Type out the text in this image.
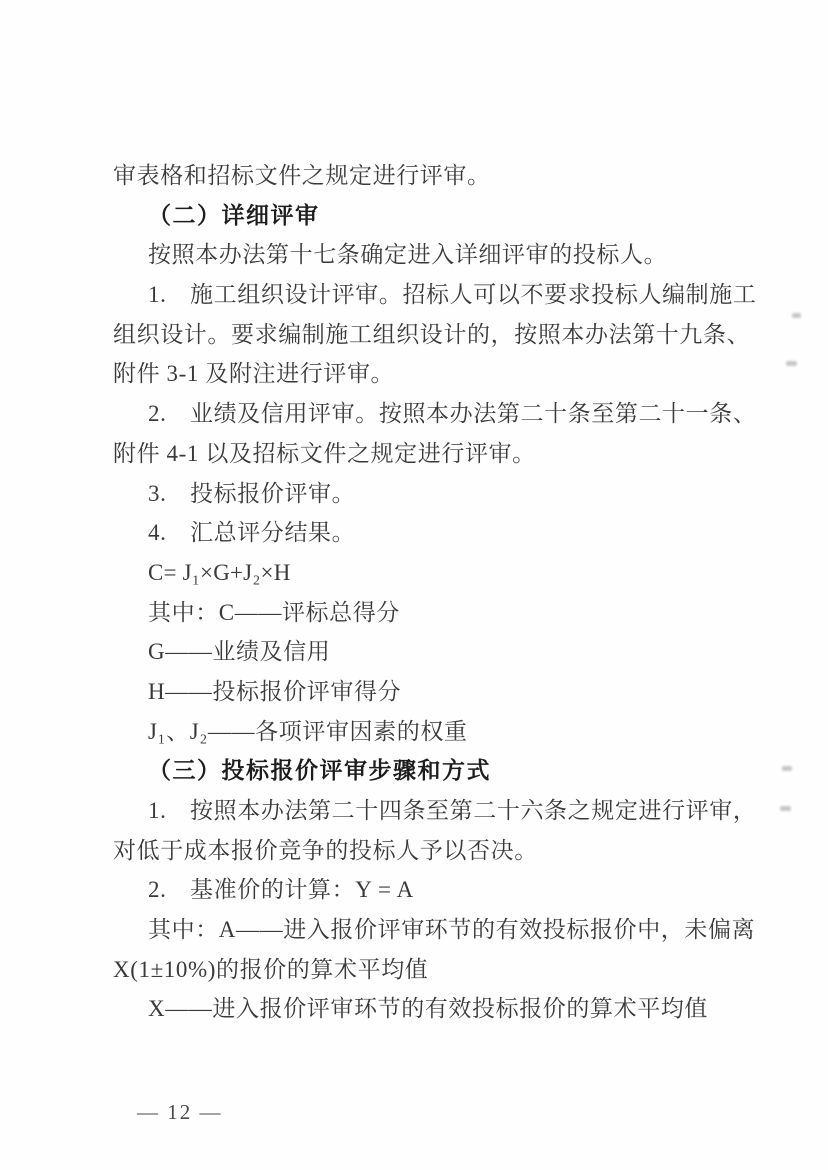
审表格和招标文件之规定进行评审。
（二）详细评审
按照本办法第十七条确定进入详细评审的投标人。
1.　施工组织设计评审。招标人可以不要求投标人编制施工
组织设计。要求编制施工组织设计的，按照本办法第十九条、
附件 3-1 及附注进行评审。
2.　业绩及信用评审。按照本办法第二十条至第二十一条、
附件 4-1 以及招标文件之规定进行评审。
3.　投标报价评审。
4.　汇总评分结果。
C= J₁×G+J₂×H
其中：C——评标总得分
G——业绩及信用
H——投标报价评审得分
J₁、J₂——各项评审因素的权重
（三）投标报价评审步骤和方式
1.　按照本办法第二十四条至第二十六条之规定进行评审，
对低于成本报价竞争的投标人予以否决。
2.　基准价的计算：Y = A
其中：A——进入报价评审环节的有效投标报价中，未偏离
X(1±10%)的报价的算术平均值
X——进入报价评审环节的有效投标报价的算术平均值
— 12 —
